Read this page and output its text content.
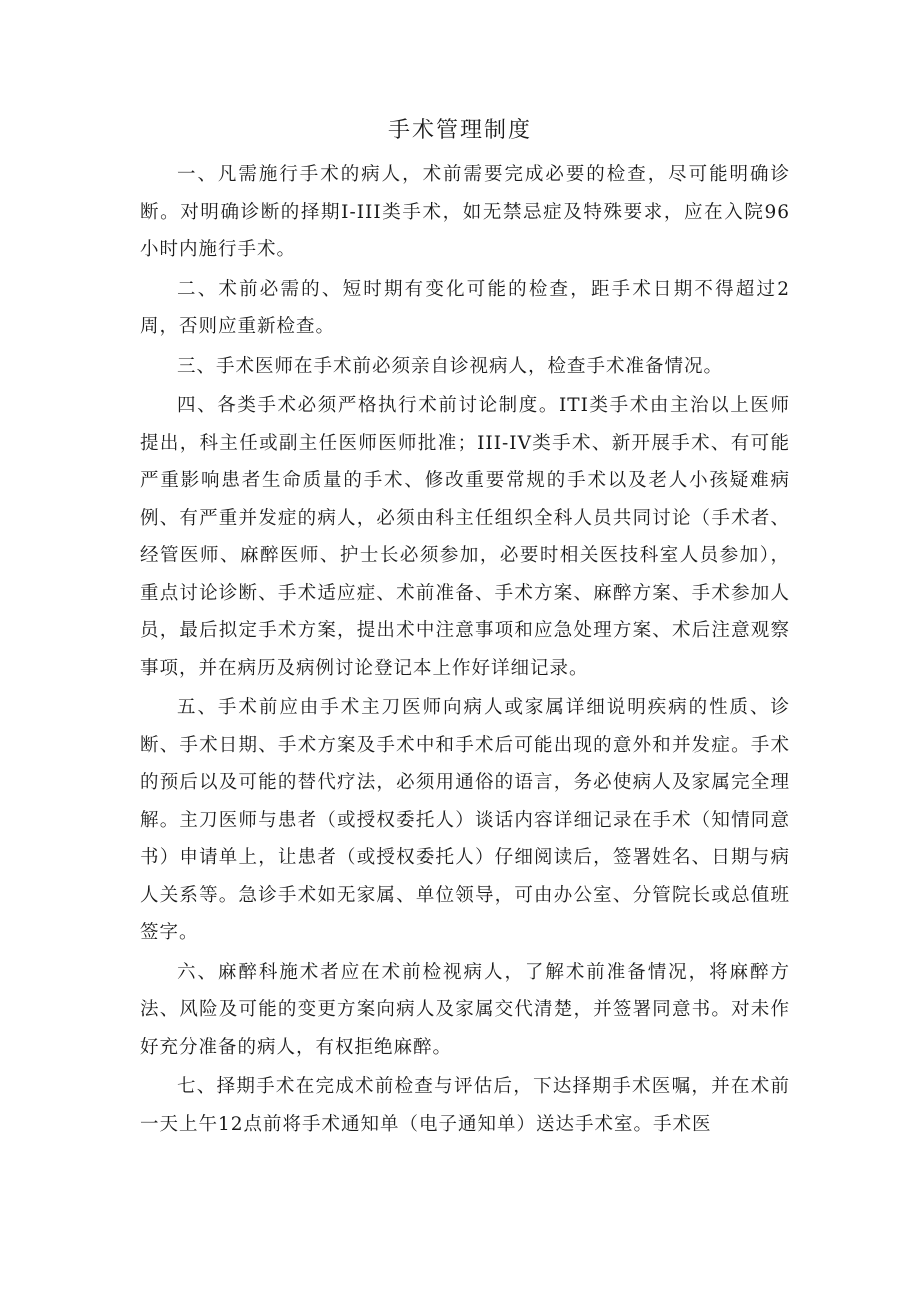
手术管理制度

一、凡需施行手术的病人，术前需要完成必要的检查，尽可能明确诊断。对明确诊断的择期I-III类手术，如无禁忌症及特殊要求，应在入院96小时内施行手术。

二、术前必需的、短时期有变化可能的检查，距手术日期不得超过2周，否则应重新检查。

三、手术医师在手术前必须亲自诊视病人，检查手术准备情况。

四、各类手术必须严格执行术前讨论制度。ITI类手术由主治以上医师提出，科主任或副主任医师医师批准；III-IV类手术、新开展手术、有可能严重影响患者生命质量的手术、修改重要常规的手术以及老人小孩疑难病例、有严重并发症的病人，必须由科主任组织全科人员共同讨论（手术者、经管医师、麻醉医师、护士长必须参加，必要时相关医技科室人员参加），重点讨论诊断、手术适应症、术前准备、手术方案、麻醉方案、手术参加人员，最后拟定手术方案，提出术中注意事项和应急处理方案、术后注意观察事项，并在病历及病例讨论登记本上作好详细记录。

五、手术前应由手术主刀医师向病人或家属详细说明疾病的性质、诊断、手术日期、手术方案及手术中和手术后可能出现的意外和并发症。手术的预后以及可能的替代疗法，必须用通俗的语言，务必使病人及家属完全理解。主刀医师与患者（或授权委托人）谈话内容详细记录在手术（知情同意书）申请单上，让患者（或授权委托人）仔细阅读后，签署姓名、日期与病人关系等。急诊手术如无家属、单位领导，可由办公室、分管院长或总值班签字。

六、麻醉科施术者应在术前检视病人，了解术前准备情况，将麻醉方法、风险及可能的变更方案向病人及家属交代清楚，并签署同意书。对未作好充分准备的病人，有权拒绝麻醉。

七、择期手术在完成术前检查与评估后，下达择期手术医嘱，并在术前一天上午12点前将手术通知单（电子通知单）送达手术室。手术医
